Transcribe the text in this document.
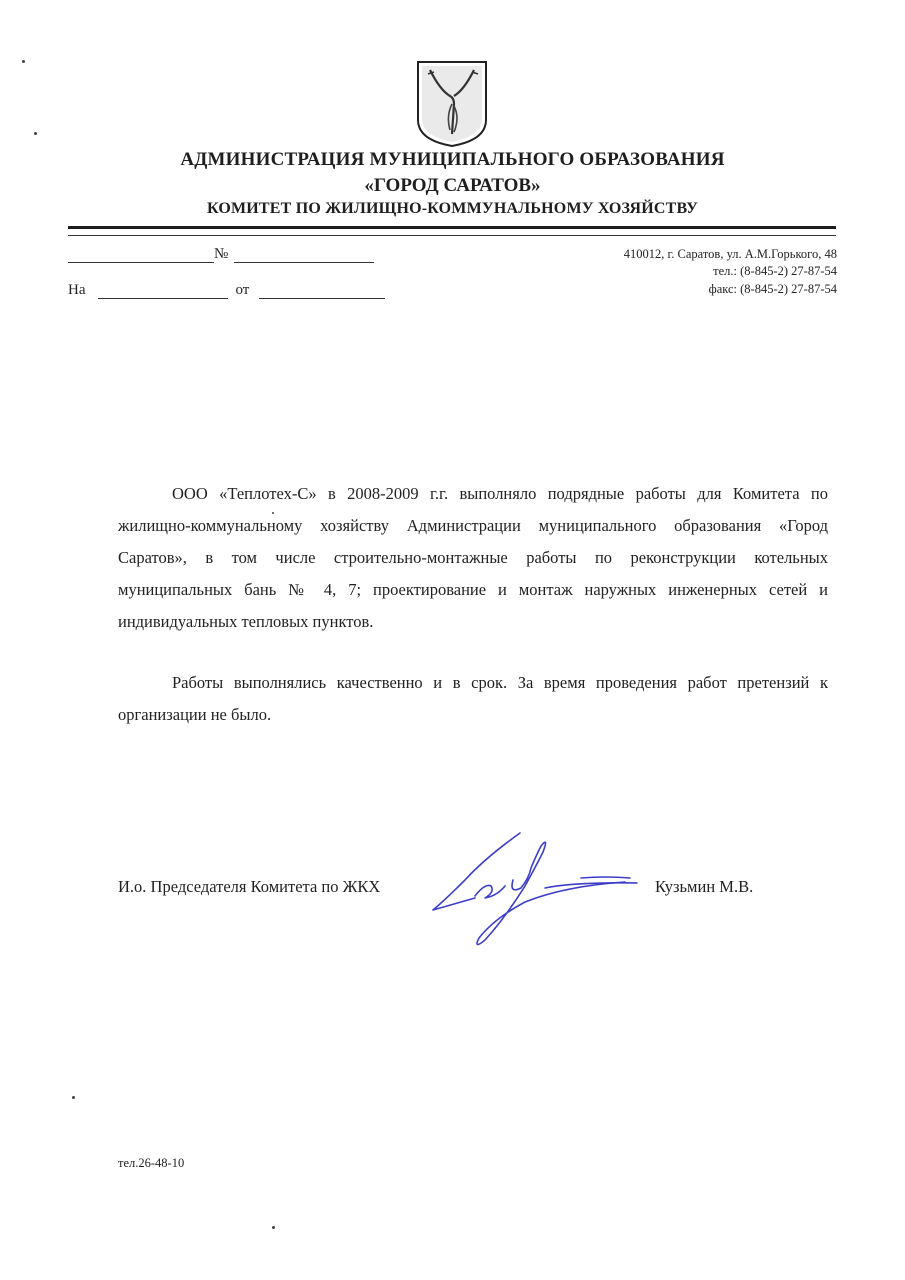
АДМИНИСТРАЦИЯ МУНИЦИПАЛЬНОГО ОБРАЗОВАНИЯ
«ГОРОД САРАТОВ»
КОМИТЕТ ПО ЖИЛИЩНО-КОММУНАЛЬНОМУ ХОЗЯЙСТВУ
№
На	от
410012, г. Саратов, ул. А.М.Горького, 48
тел.: (8-845-2) 27-87-54
факс: (8-845-2) 27-87-54
ООО «Теплотех-С» в 2008-2009 г.г. выполняло подрядные работы для Комитета по жилищно-коммунальному хозяйству Администрации муниципального образования «Город Саратов», в том числе строительно-монтажные работы по реконструкции котельных муниципальных бань № 4, 7; проектирование и монтаж наружных инженерных сетей и индивидуальных тепловых пунктов.
Работы выполнялись качественно и в срок. За время проведения работ претензий к организации не было.
И.о. Председателя Комитета по ЖКХ	Кузьмин М.В.
тел.26-48-10
